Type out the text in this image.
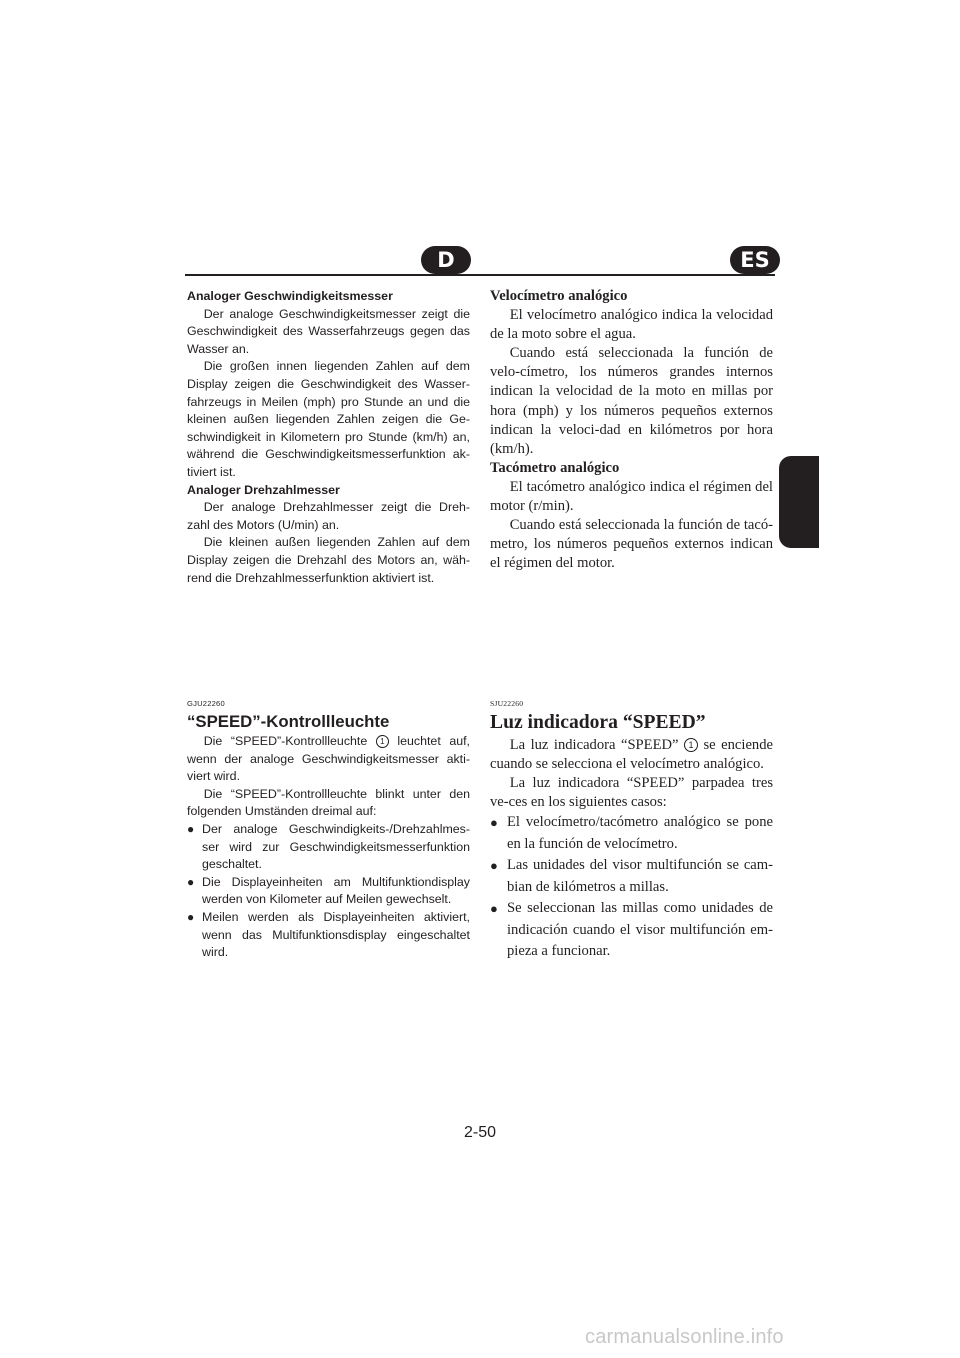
D	ES

Analoger Geschwindigkeitsmesser

Der analoge Geschwindigkeitsmesser zeigt die Geschwindigkeit des Wasserfahrzeugs gegen das Wasser an.

Die großen innen liegenden Zahlen auf dem Display zeigen die Geschwindigkeit des Wasser-fahrzeugs in Meilen (mph) pro Stunde an und die kleinen außen liegenden Zahlen zeigen die Ge-schwindigkeit in Kilometern pro Stunde (km/h) an, während die Geschwindigkeitsmesserfunktion ak-tiviert ist.

Analoger Drehzahlmesser

Der analoge Drehzahlmesser zeigt die Dreh-zahl des Motors (U/min) an.

Die kleinen außen liegenden Zahlen auf dem Display zeigen die Drehzahl des Motors an, wäh-rend die Drehzahlmesserfunktion aktiviert ist.

Velocímetro analógico

El velocímetro analógico indica la velocidad de la moto sobre el agua.

Cuando está seleccionada la función de velo-címetro, los números grandes internos indican la velocidad de la moto en millas por hora (mph) y los números pequeños externos indican la veloci-dad en kilómetros por hora (km/h).

Tacómetro analógico

El tacómetro analógico indica el régimen del motor (r/min).

Cuando está seleccionada la función de tacó-metro, los números pequeños externos indican el régimen del motor.

GJU22260

“SPEED”-Kontrollleuchte

Die “SPEED”-Kontrollleuchte 1 leuchtet auf, wenn der analoge Geschwindigkeitsmesser akti-viert wird.

Die “SPEED”-Kontrollleuchte blinkt unter den folgenden Umständen dreimal auf:

● Der analoge Geschwindigkeits-/Drehzahlmes-ser wird zur Geschwindigkeitsmesserfunktion geschaltet.
● Die Displayeinheiten am Multifunktiondisplay werden von Kilometer auf Meilen gewechselt.
● Meilen werden als Displayeinheiten aktiviert, wenn das Multifunktionsdisplay eingeschaltet wird.

SJU22260

Luz indicadora “SPEED”

La luz indicadora “SPEED” 1 se enciende cuando se selecciona el velocímetro analógico.

La luz indicadora “SPEED” parpadea tres ve-ces en los siguientes casos:

● El velocímetro/tacómetro analógico se pone en la función de velocímetro.
● Las unidades del visor multifunción se cam-bian de kilómetros a millas.
● Se seleccionan las millas como unidades de indicación cuando el visor multifunción em-pieza a funcionar.
2-50
carmanualsonline.info
